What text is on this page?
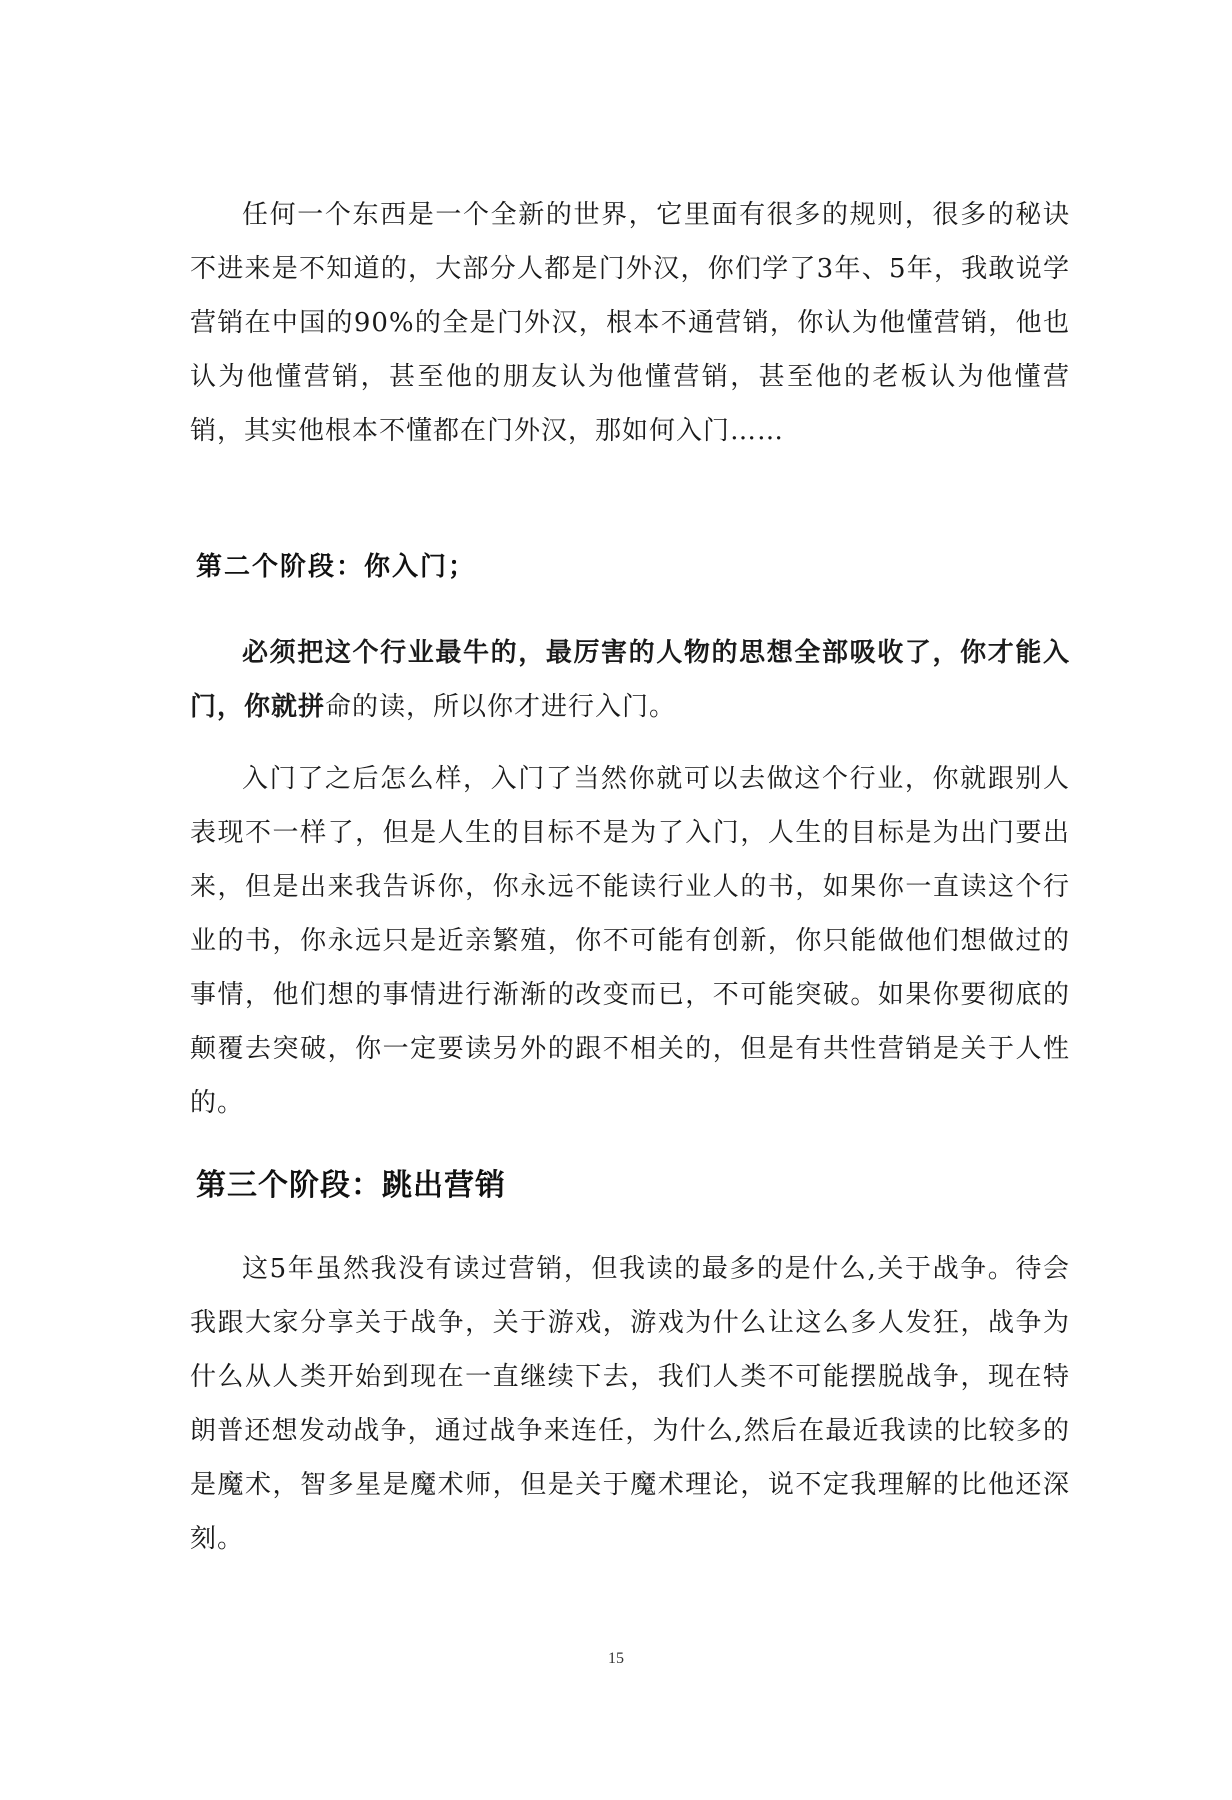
任何一个东西是一个全新的世界，它里面有很多的规则，很多的秘诀不进来是不知道的，大部分人都是门外汉，你们学了3年、5年，我敢说学营销在中国的90%的全是门外汉，根本不通营销，你认为他懂营销，他也认为他懂营销，甚至他的朋友认为他懂营销，甚至他的老板认为他懂营销，其实他根本不懂都在门外汉，那如何入门……

第二个阶段：你入门；

必须把这个行业最牛的，最厉害的人物的思想全部吸收了，你才能入门，你就拼命的读，所以你才进行入门。

入门了之后怎么样，入门了当然你就可以去做这个行业，你就跟别人表现不一样了，但是人生的目标不是为了入门，人生的目标是为出门要出来，但是出来我告诉你，你永远不能读行业人的书，如果你一直读这个行业的书，你永远只是近亲繁殖，你不可能有创新，你只能做他们想做过的事情，他们想的事情进行渐渐的改变而已，不可能突破。如果你要彻底的颠覆去突破，你一定要读另外的跟不相关的，但是有共性营销是关于人性的。

第三个阶段：跳出营销

这5年虽然我没有读过营销，但我读的最多的是什么,关于战争。待会我跟大家分享关于战争，关于游戏，游戏为什么让这么多人发狂，战争为什么从人类开始到现在一直继续下去，我们人类不可能摆脱战争，现在特朗普还想发动战争，通过战争来连任，为什么,然后在最近我读的比较多的是魔术，智多星是魔术师，但是关于魔术理论，说不定我理解的比他还深刻。

15
